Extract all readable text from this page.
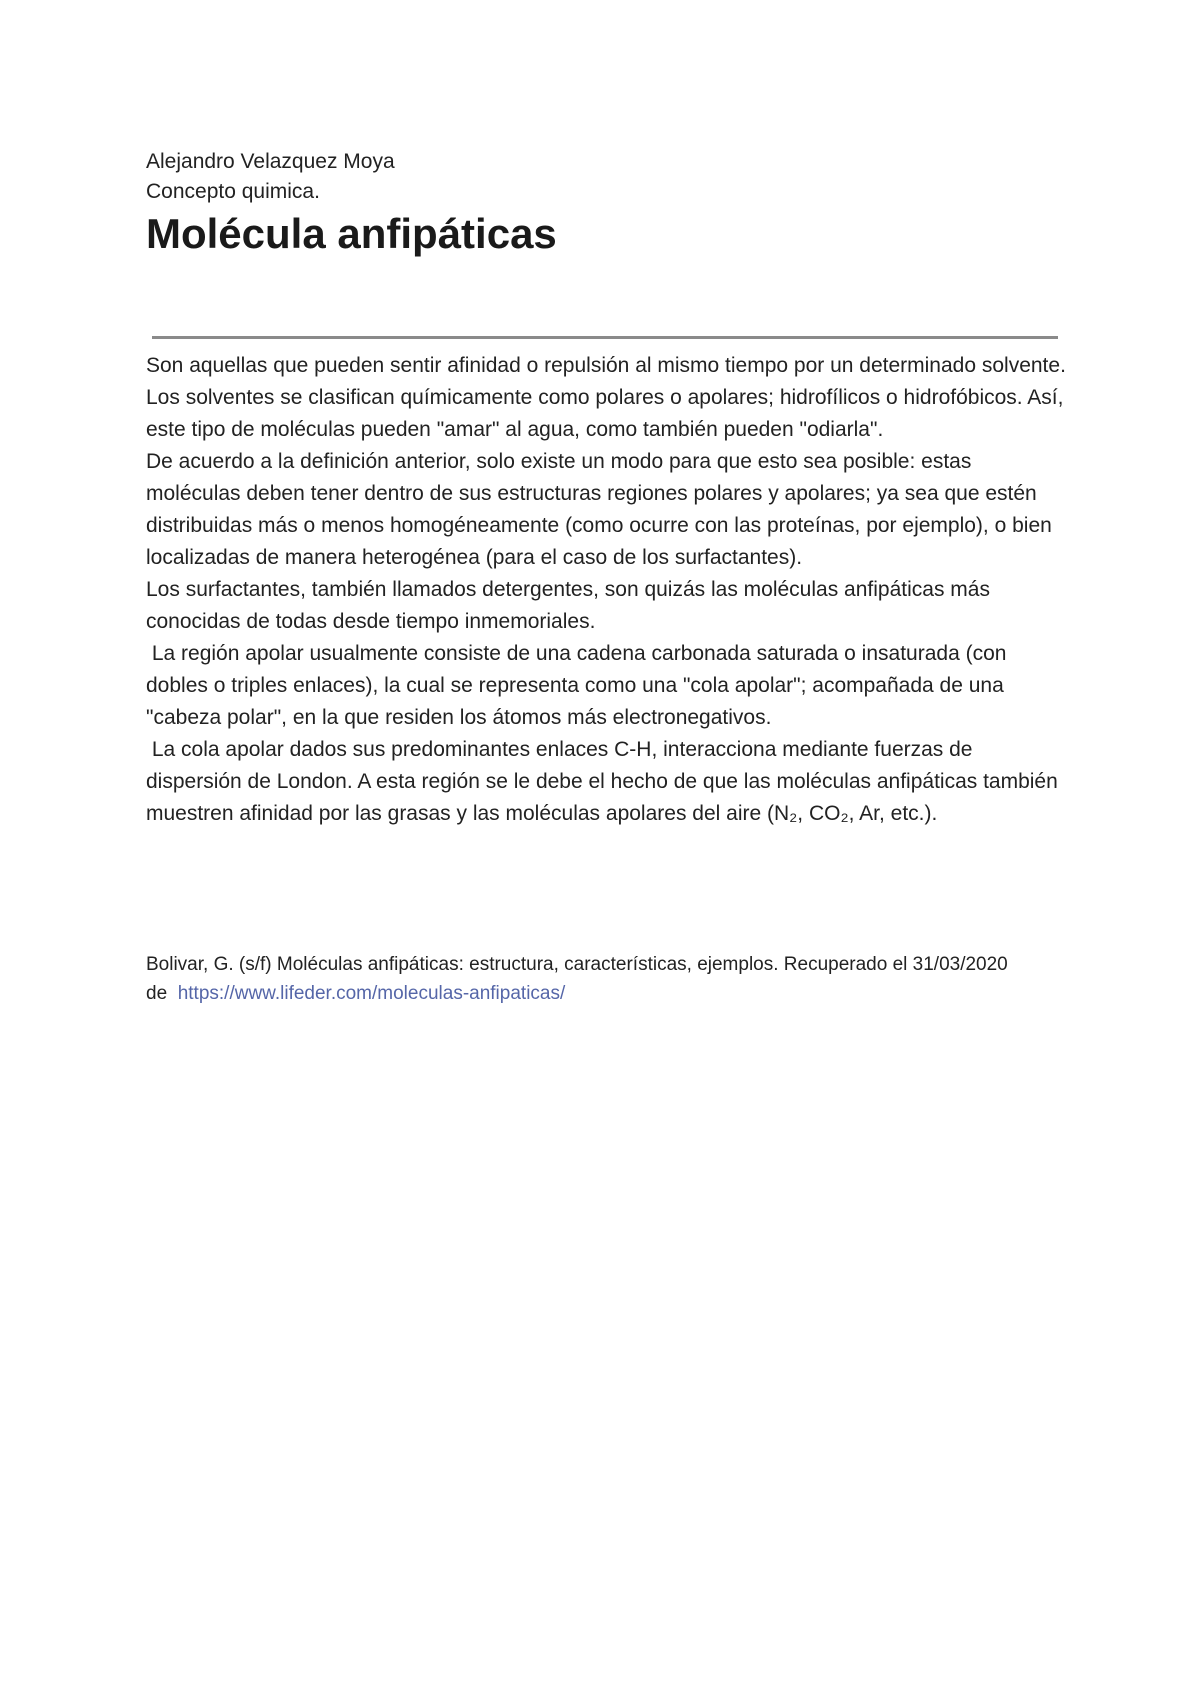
Alejandro Velazquez Moya
Concepto quimica.
Molécula anfipáticas

Son aquellas que pueden sentir afinidad o repulsión al mismo tiempo por un determinado solvente.  Los solventes se clasifican químicamente como polares o apolares; hidrofílicos o hidrofóbicos. Así, este tipo de moléculas pueden "amar" al agua, como también pueden "odiarla".

De acuerdo a la definición anterior, solo existe un modo para que esto sea posible: estas moléculas deben tener dentro de sus estructuras regiones polares y apolares; ya sea que estén distribuidas más o menos homogéneamente (como ocurre con las proteínas, por ejemplo), o bien localizadas de manera heterogénea (para el caso de los surfactantes).

Los surfactantes, también llamados detergentes, son quizás las moléculas anfipáticas más conocidas de todas desde tiempo inmemoriales.

La región apolar usualmente consiste de una cadena carbonada saturada o insaturada (con dobles o triples enlaces), la cual se representa como una "cola apolar"; acompañada de una "cabeza polar", en la que residen los átomos más electronegativos.

La cola apolar dados sus predominantes enlaces C-H, interacciona mediante fuerzas de dispersión de London. A esta región se le debe el hecho de que las moléculas anfipáticas también muestren afinidad por las grasas y las moléculas apolares del aire (N₂, CO₂, Ar, etc.).

Bolivar, G. (s/f) Moléculas anfipáticas: estructura, características, ejemplos. Recuperado el 31/03/2020 de https://www.lifeder.com/moleculas-anfipaticas/
